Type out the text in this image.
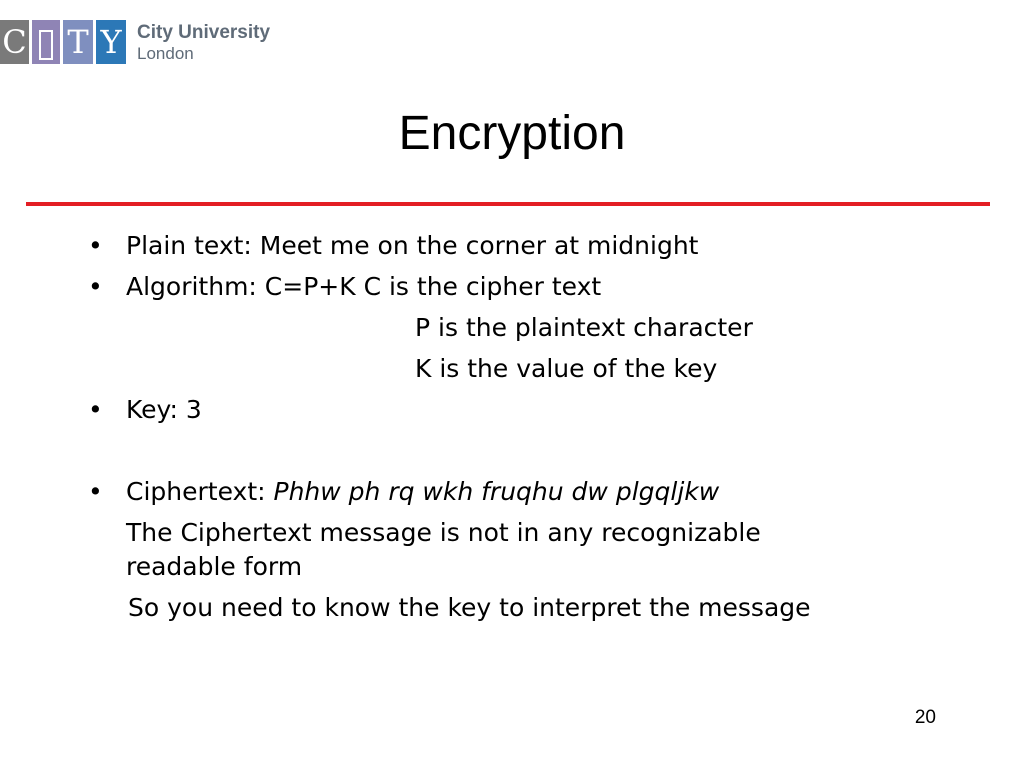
C T Y City University
London
Encryption
• Plain text: Meet me on the corner at midnight
• Algorithm: C=P+K C is the cipher text
P is the plaintext character
K is the value of the key
• Key: 3
• Ciphertext: Phhw ph rq wkh fruqhu dw plgqljkw
The Ciphertext message is not in any recognizable
readable form
So you need to know the key to interpret the message
20
